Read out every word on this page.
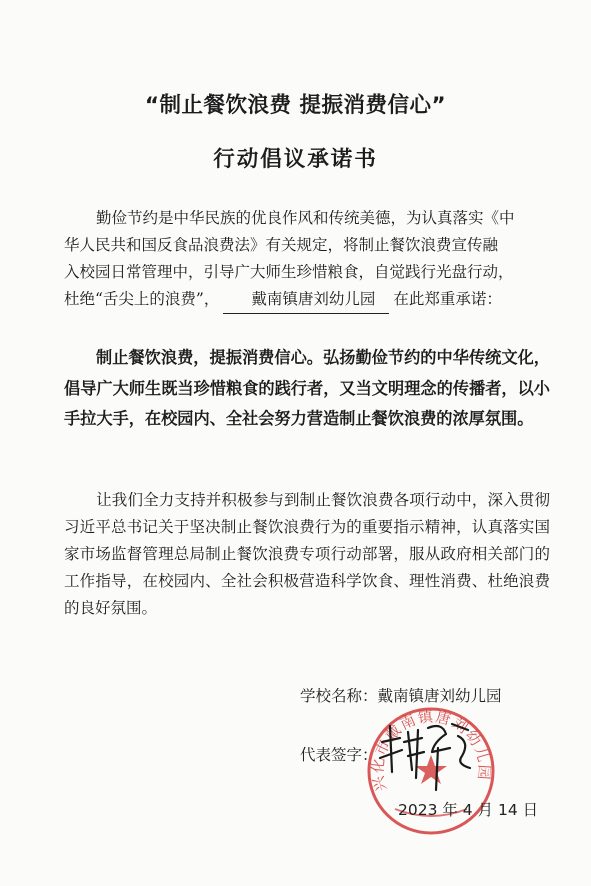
“制止餐饮浪费 提振消费信心”
行动倡议承诺书
勤俭节约是中华民族的优良作风和传统美德，为认真落实《中
华人民共和国反食品浪费法》有关规定，将制止餐饮浪费宣传融
入校园日常管理中，引导广大师生珍惜粮食，自觉践行光盘行动，
杜绝“舌尖上的浪费”， 戴南镇唐刘幼儿园 在此郑重承诺：
制止餐饮浪费，提振消费信心。弘扬勤俭节约的中华传统文化，倡导广大师生既当珍惜粮食的践行者，又当文明理念的传播者，以小手拉大手，在校园内、全社会努力营造制止餐饮浪费的浓厚氛围。
让我们全力支持并积极参与到制止餐饮浪费各项行动中，深入贯彻习近平总书记关于坚决制止餐饮浪费行为的重要指示精神，认真落实国家市场监督管理总局制止餐饮浪费专项行动部署，服从政府相关部门的工作指导，在校园内、全社会积极营造科学饮食、理性消费、杜绝浪费的良好氛围。
学校名称：戴南镇唐刘幼儿园
代表签字：
兴化市戴南镇唐刘幼儿园
2023 年 4 月 14 日
